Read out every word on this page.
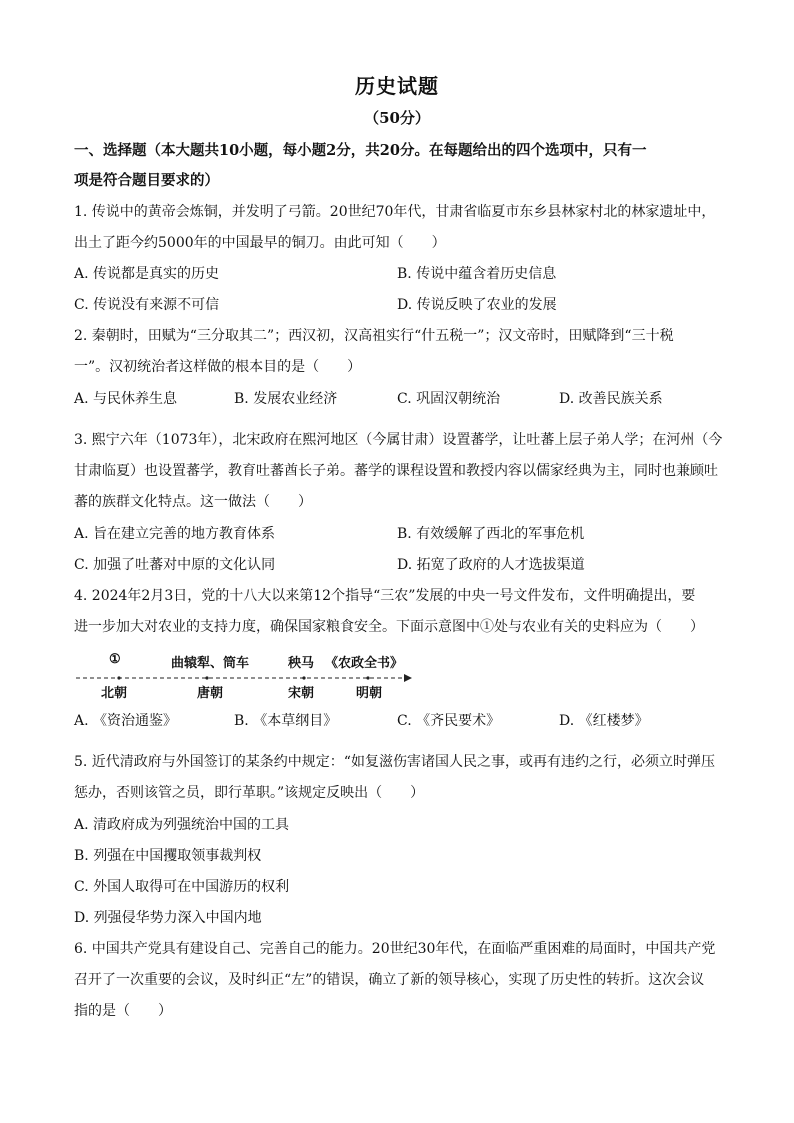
历史试题
（50分）
一、选择题（本大题共10小题，每小题2分，共20分。在每题给出的四个选项中，只有一
项是符合题目要求的）
1. 传说中的黄帝会炼铜，并发明了弓箭。20世纪70年代，甘肃省临夏市东乡县林家村北的林家遗址中，
出土了距今约5000年的中国最早的铜刀。由此可知（　　）
A. 传说都是真实的历史	B. 传说中蕴含着历史信息
C. 传说没有来源不可信	D. 传说反映了农业的发展
2. 秦朝时，田赋为“三分取其二”；西汉初，汉高祖实行“什五税一”；汉文帝时，田赋降到“三十税
一”。汉初统治者这样做的根本目的是（　　）
A. 与民休养生息	B. 发展农业经济	C. 巩固汉朝统治	D. 改善民族关系
3. 熙宁六年（1073年），北宋政府在熙河地区（今属甘肃）设置蕃学，让吐蕃上层子弟人学；在河州（今
甘肃临夏）也设置蕃学，教育吐蕃酋长子弟。蕃学的课程设置和教授内容以儒家经典为主，同时也兼顾吐
蕃的族群文化特点。这一做法（　　）
A. 旨在建立完善的地方教育体系	B. 有效缓解了西北的军事危机
C. 加强了吐蕃对中原的文化认同	D. 拓宽了政府的人才选拔渠道
4. 2024年2月3日，党的十八大以来第12个指导“三农”发展的中央一号文件发布，文件明确提出，要
进一步加大对农业的支持力度，确保国家粮食安全。下面示意图中①处与农业有关的史料应为（　　）
①	曲辕犁、筒车	秧马 《农政全书》
北朝	唐朝	宋朝	明朝
A. 《资治通鉴》	B. 《本草纲目》	C. 《齐民要术》	D. 《红楼梦》
5. 近代清政府与外国签订的某条约中规定：“如复滋伤害诸国人民之事，或再有违约之行，必须立时弹压
惩办，否则该管之员，即行革职。”该规定反映出（　　）
A. 清政府成为列强统治中国的工具
B. 列强在中国攫取领事裁判权
C. 外国人取得可在中国游历的权利
D. 列强侵华势力深入中国内地
6. 中国共产党具有建设自己、完善自己的能力。20世纪30年代，在面临严重困难的局面时，中国共产党
召开了一次重要的会议，及时纠正“左”的错误，确立了新的领导核心，实现了历史性的转折。这次会议
指的是（　　）
